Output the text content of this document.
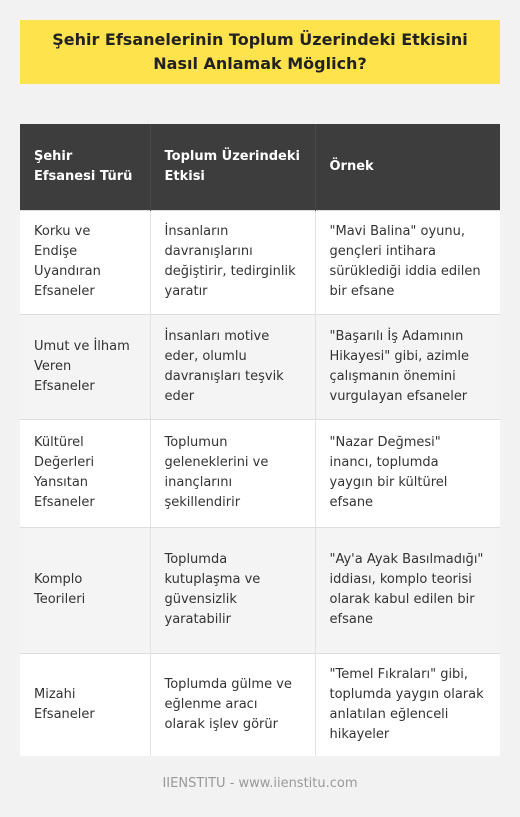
Şehir Efsanelerinin Toplum Üzerindeki Etkisini Nasıl Anlamak Möglich?
Şehir Efsanesi Türü	Toplum Üzerindeki Etkisi	Örnek
Korku ve Endişe Uyandıran Efsaneler	İnsanların davranışlarını değiştirir, tedirginlik yaratır	"Mavi Balina" oyunu, gençleri intihara sürüklediği iddia edilen bir efsane
Umut ve İlham Veren Efsaneler	İnsanları motive eder, olumlu davranışları teşvik eder	"Başarılı İş Adamının Hikayesi" gibi, azimle çalışmanın önemini vurgulayan efsaneler
Kültürel Değerleri Yansıtan Efsaneler	Toplumun geleneklerini ve inançlarını şekillendirir	"Nazar Değmesi" inancı, toplumda yaygın bir kültürel efsane
Komplo Teorileri	Toplumda kutuplaşma ve güvensizlik yaratabilir	"Ay'a Ayak Basılmadığı" iddiası, komplo teorisi olarak kabul edilen bir efsane
Mizahi Efsaneler	Toplumda gülme ve eğlenme aracı olarak işlev görür	"Temel Fıkraları" gibi, toplumda yaygın olarak anlatılan eğlenceli hikayeler
IIENSTITU - www.iienstitu.com
